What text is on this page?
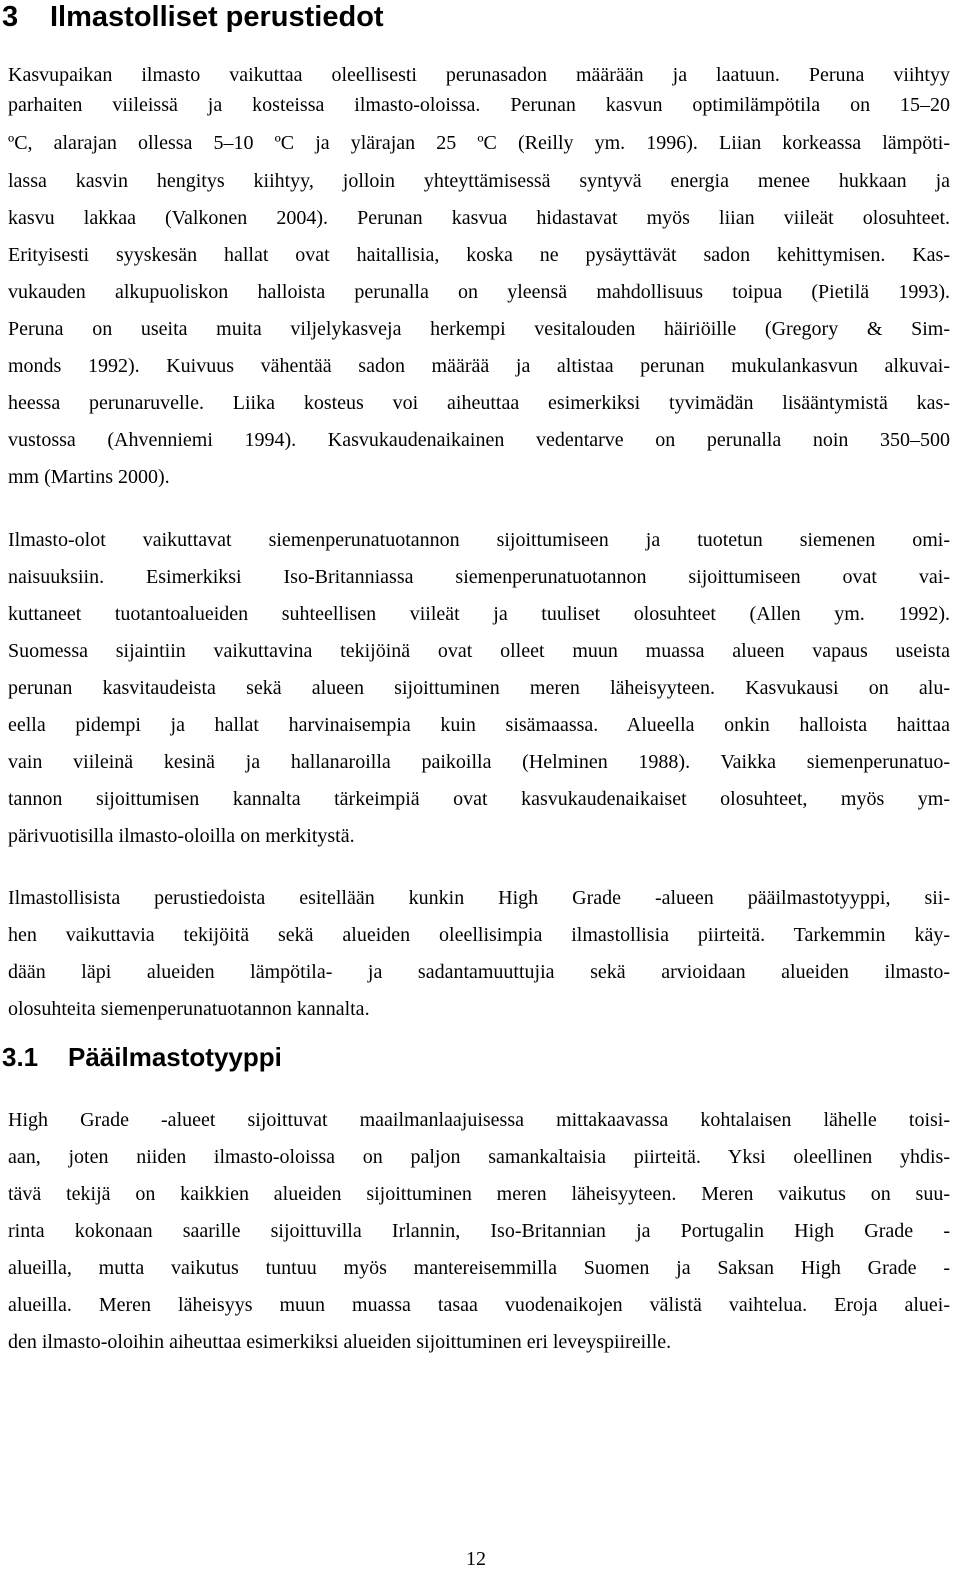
3 Ilmastolliset perustiedot
Kasvupaikan ilmasto vaikuttaa oleellisesti perunasadon määrään ja laatuun. Peruna viihtyy
parhaiten viileissä ja kosteissa ilmasto-oloissa. Perunan kasvun optimilämpötila on 15–20
ºC, alarajan ollessa 5–10 ºC ja ylärajan 25 ºC (Reilly ym. 1996). Liian korkeassa lämpöti-
lassa kasvin hengitys kiihtyy, jolloin yhteyttämisessä syntyvä energia menee hukkaan ja
kasvu lakkaa (Valkonen 2004). Perunan kasvua hidastavat myös liian viileät olosuhteet.
Erityisesti syyskesän hallat ovat haitallisia, koska ne pysäyttävät sadon kehittymisen. Kas-
vukauden alkupuoliskon halloista perunalla on yleensä mahdollisuus toipua (Pietilä 1993).
Peruna on useita muita viljelykasveja herkempi vesitalouden häiriöille (Gregory & Sim-
monds 1992). Kuivuus vähentää sadon määrää ja altistaa perunan mukulankasvun alkuvai-
heessa perunaruvelle. Liika kosteus voi aiheuttaa esimerkiksi tyvimädän lisääntymistä kas-
vustossa (Ahvenniemi 1994). Kasvukaudenaikainen vedentarve on perunalla noin 350–500
mm (Martins 2000).
Ilmasto-olot vaikuttavat siemenperunatuotannon sijoittumiseen ja tuotetun siemenen omi-
naisuuksiin. Esimerkiksi Iso-Britanniassa siemenperunatuotannon sijoittumiseen ovat vai-
kuttaneet tuotantoalueiden suhteellisen viileät ja tuuliset olosuhteet (Allen ym. 1992).
Suomessa sijaintiin vaikuttavina tekijöinä ovat olleet muun muassa alueen vapaus useista
perunan kasvitaudeista sekä alueen sijoittuminen meren läheisyyteen. Kasvukausi on alu-
eella pidempi ja hallat harvinaisempia kuin sisämaassa. Alueella onkin halloista haittaa
vain viileinä kesinä ja hallanaroilla paikoilla (Helminen 1988). Vaikka siemenperunatuo-
tannon sijoittumisen kannalta tärkeimpiä ovat kasvukaudenaikaiset olosuhteet, myös ym-
pärivuotisilla ilmasto-oloilla on merkitystä.
Ilmastollisista perustiedoista esitellään kunkin High Grade -alueen pääilmastotyyppi, sii-
hen vaikuttavia tekijöitä sekä alueiden oleellisimpia ilmastollisia piirteitä. Tarkemmin käy-
dään läpi alueiden lämpötila- ja sadantamuuttujia sekä arvioidaan alueiden ilmasto-
olosuhteita siemenperunatuotannon kannalta.
3.1 Pääilmastotyyppi
High Grade -alueet sijoittuvat maailmanlaajuisessa mittakaavassa kohtalaisen lähelle toisi-
aan, joten niiden ilmasto-oloissa on paljon samankaltaisia piirteitä. Yksi oleellinen yhdis-
tävä tekijä on kaikkien alueiden sijoittuminen meren läheisyyteen. Meren vaikutus on suu-
rinta kokonaan saarille sijoittuvilla Irlannin, Iso-Britannian ja Portugalin High Grade -
alueilla, mutta vaikutus tuntuu myös mantereisemmilla Suomen ja Saksan High Grade -
alueilla. Meren läheisyys muun muassa tasaa vuodenaikojen välistä vaihtelua. Eroja aluei-
den ilmasto-oloihin aiheuttaa esimerkiksi alueiden sijoittuminen eri leveyspiireille.
12
